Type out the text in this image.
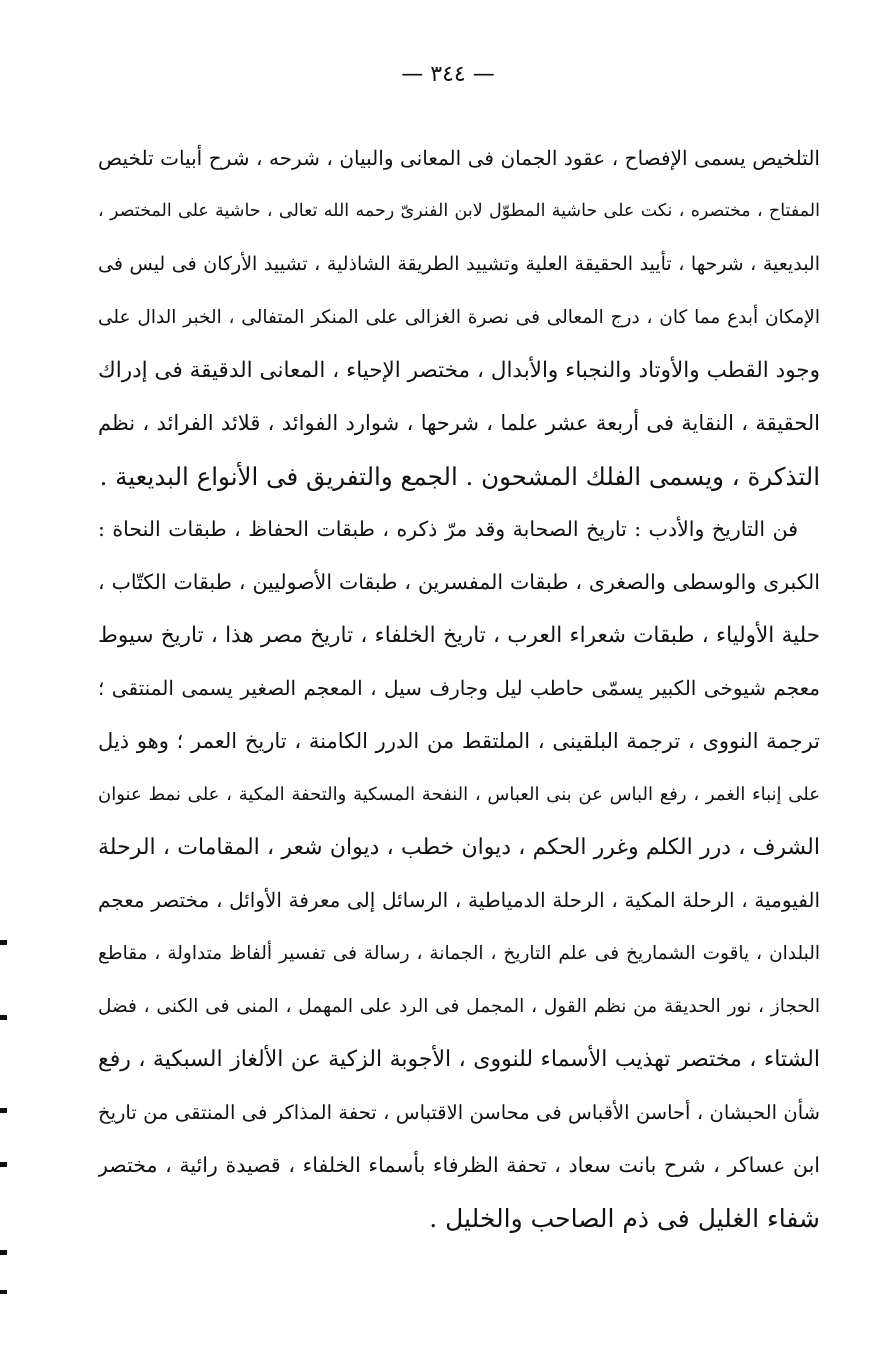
— ٣٤٤ —
التلخيص يسمى الإفصاح ، عقود الجمان فى المعانى والبيان ، شرحه ، شرح أبيات تلخيص
المفتاح ، مختصره ، نكت على حاشية المطوّل لابن الفنرىّ رحمه الله تعالى ، حاشية على المختصر ،
البديعية ، شرحها ، تأييد الحقيقة العلية وتشييد الطريقة الشاذلية ، تشييد الأركان فى ليس فى
الإمكان أبدع مما كان ، درج المعالى فى نصرة الغزالى على المنكر المتفالى ، الخبر الدال على
وجود القطب والأوتاد والنجباء والأبدال ، مختصر الإحياء ، المعانى الدقيقة فى إدراك
الحقيقة ، النقاية فى أربعة عشر علما ، شرحها ، شوارد الفوائد ، قلائد الفرائد ، نظم
التذكرة ، ويسمى الفلك المشحون . الجمع والتفريق فى الأنواع البديعية .
فن التاريخ والأدب : تاريخ الصحابة وقد مرّ ذكره ، طبقات الحفاظ ، طبقات النحاة :
الكبرى والوسطى والصغرى ، طبقات المفسرين ، طبقات الأصوليين ، طبقات الكتّاب ،
حلية الأولياء ، طبقات شعراء العرب ، تاريخ الخلفاء ، تاريخ مصر هذا ، تاريخ سيوط
معجم شيوخى الكبير يسمّى حاطب ليل وجارف سيل ، المعجم الصغير يسمى المنتقى ؛
ترجمة النووى ، ترجمة البلقينى ، الملتقط من الدرر الكامنة ، تاريخ العمر ؛ وهو ذيل
على إنباء الغمر ، رفع الباس عن بنى العباس ، النفحة المسكية والتحفة المكية ، على نمط عنوان
الشرف ، درر الكلم وغرر الحكم ، ديوان خطب ، ديوان شعر ، المقامات ، الرحلة
الفيومية ، الرحلة المكية ، الرحلة الدمياطية ، الرسائل إلى معرفة الأوائل ، مختصر معجم
البلدان ، ياقوت الشماريخ فى علم التاريخ ، الجمانة ، رسالة فى تفسير ألفاظ متداولة ، مقاطع
الحجاز ، نور الحديقة من نظم القول ، المجمل فى الرد على المهمل ، المنى فى الكنى ، فضل
الشتاء ، مختصر تهذيب الأسماء للنووى ، الأجوبة الزكية عن الألغاز السبكية ، رفع
شأن الحبشان ، أحاسن الأقباس فى محاسن الاقتباس ، تحفة المذاكر فى المنتقى من تاريخ
ابن عساكر ، شرح بانت سعاد ، تحفة الظرفاء بأسماء الخلفاء ، قصيدة رائية ، مختصر
شفاء الغليل فى ذم الصاحب والخليل .
